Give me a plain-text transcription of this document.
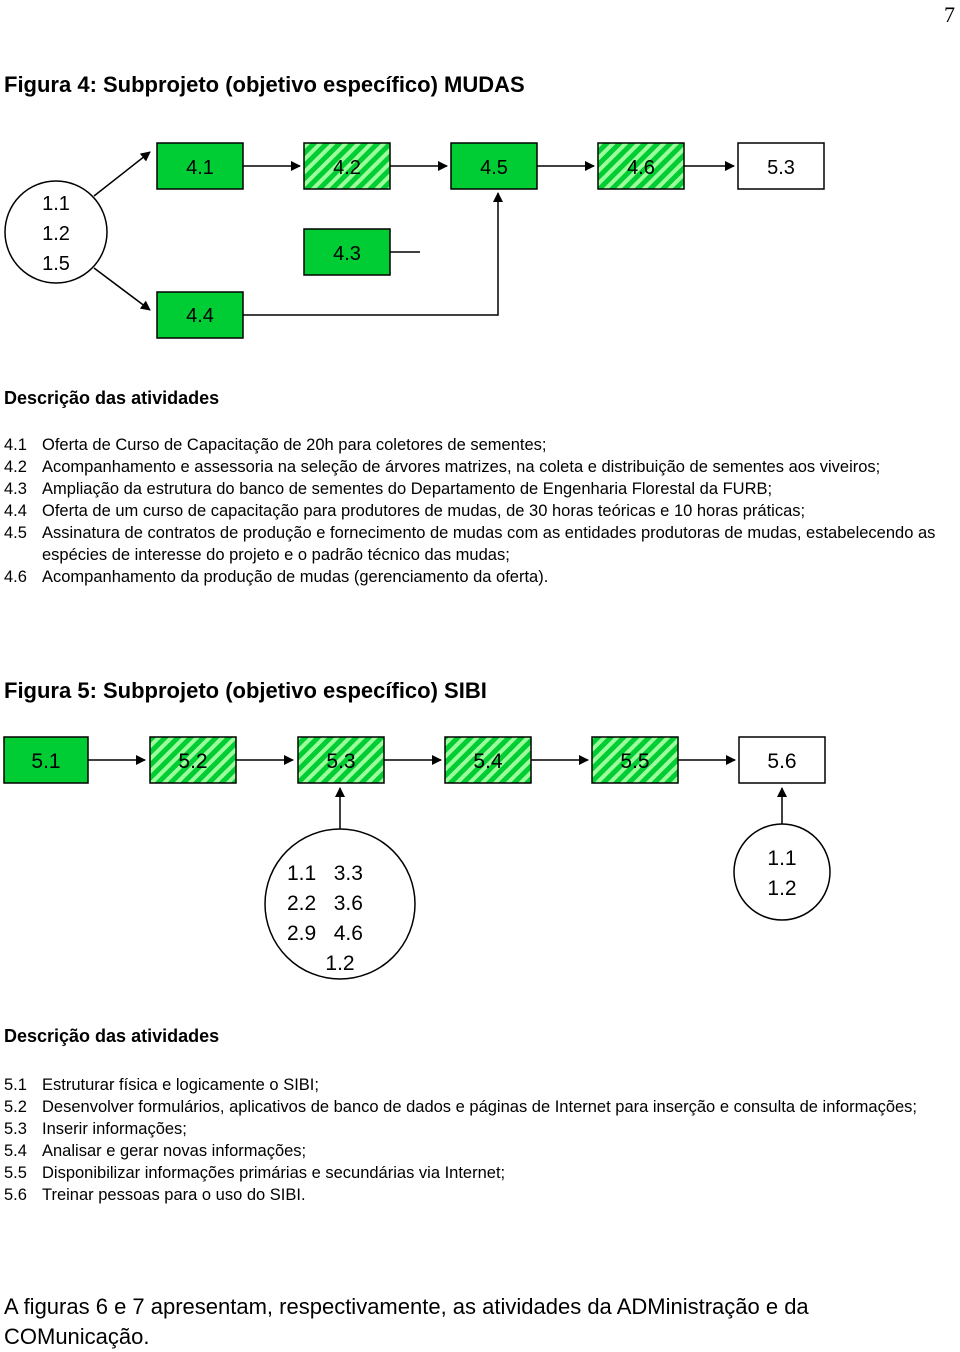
7
Figura 4: Subprojeto (objetivo específico) MUDAS
1.1
1.2
1.5
4.1	4.2	4.5	4.6	5.3
4.3
4.4
Descrição das atividades
4.1 Oferta de Curso de Capacitação de 20h para coletores de sementes;
4.2 Acompanhamento e assessoria na seleção de árvores matrizes, na coleta e distribuição de sementes aos viveiros;
4.3 Ampliação da estrutura do banco de sementes do Departamento de Engenharia Florestal da FURB;
4.4 Oferta de um curso de capacitação para produtores de mudas, de 30 horas teóricas e 10 horas práticas;
4.5 Assinatura de contratos de produção e fornecimento de mudas com as entidades produtoras de mudas, estabelecendo as espécies de interesse do projeto e o padrão técnico das mudas;
4.6 Acompanhamento da produção de mudas (gerenciamento da oferta).
Figura 5: Subprojeto (objetivo específico) SIBI
5.1	5.2	5.3	5.4	5.5	5.6
1.1   3.3
2.2   3.6
2.9   4.6
1.2
1.1
1.2
Descrição das atividades
5.1 Estruturar física e logicamente o SIBI;
5.2 Desenvolver formulários, aplicativos de banco de dados e páginas de Internet para inserção e consulta de informações;
5.3 Inserir informações;
5.4 Analisar e gerar novas informações;
5.5 Disponibilizar informações primárias e secundárias via Internet;
5.6 Treinar pessoas para o uso do SIBI.
A figuras 6 e 7 apresentam, respectivamente, as atividades da ADMinistração e da COMunicação.
